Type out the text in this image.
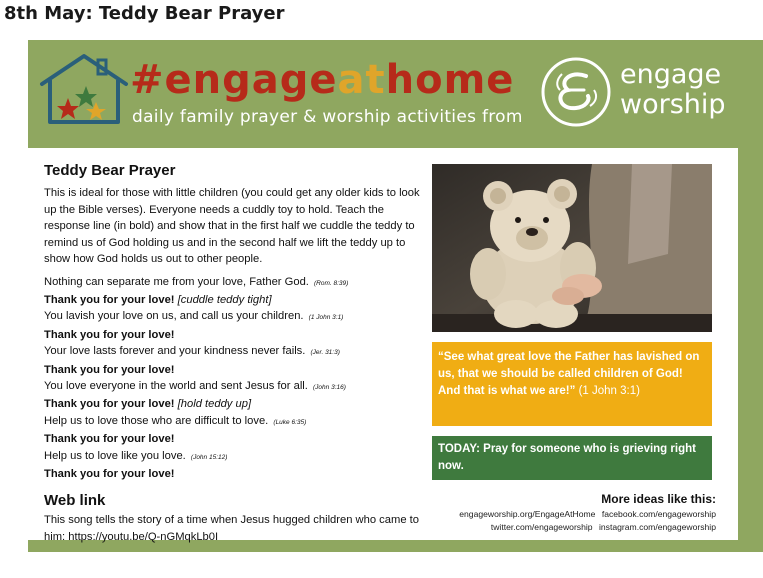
8th May: Teddy Bear Prayer
#engageathome
daily family prayer & worship activities from
engage
worship
Teddy Bear Prayer
This is ideal for those with little children (you could get any older kids to look up the Bible verses). Everyone needs a cuddly toy to hold. Teach the response line (in bold) and show that in the first half we cuddle the teddy to remind us of God holding us and in the second half we lift the teddy up to show how God holds us out to other people.
Nothing can separate me from your love, Father God. (Rom. 8:39)
Thank you for your love! [cuddle teddy tight]
You lavish your love on us, and call us your children. (1 John 3:1)
Thank you for your love!
Your love lasts forever and your kindness never fails. (Jer. 31:3)
Thank you for your love!
You love everyone in the world and sent Jesus for all. (John 3:16)
Thank you for your love! [hold teddy up]
Help us to love those who are difficult to love. (Luke 6:35)
Thank you for your love!
Help us to love like you love. (John 15:12)
Thank you for your love!
Web link
This song tells the story of a time when Jesus hugged children who came to him: https://youtu.be/Q-nGMqkLb0I
“See what great love the Father has lavished on us, that we should be called children of God! And that is what we are!” (1 John 3:1)
TODAY: Pray for someone who is grieving right now.
More ideas like this:
engageworship.org/EngageAtHome facebook.com/engageworship
twitter.com/engageworship instagram.com/engageworship
